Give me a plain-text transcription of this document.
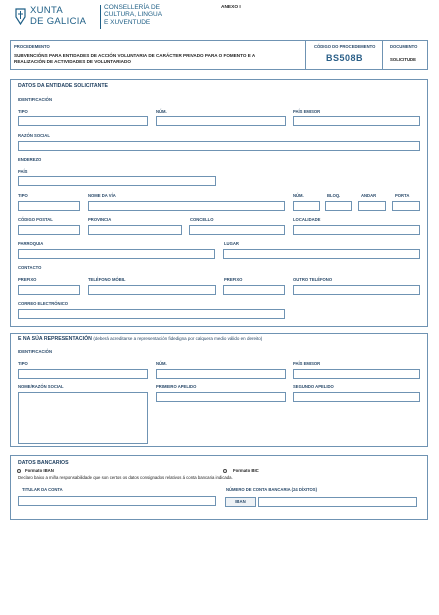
XUNTA
DE GALICIA
CONSELLERÍA DE
CULTURA, LINGUA
E XUVENTUDE
ANEXO I
PROCEDEMENTO
SUBVENCIÓNS PARA ENTIDADES DE ACCIÓN VOLUNTARIA DE CARÁCTER PRIVADO PARA O FOMENTO E A
REALIZACIÓN DE ACTIVIDADES DE VOLUNTARIADO
CÓDIGO DO PROCEDEMENTO
BS508B
DOCUMENTO
SOLICITUDE
DATOS DA ENTIDADE SOLICITANTE
IDENTIFICACIÓN
TIPO	NÚM.	PAÍS EMISOR
RAZÓN SOCIAL
ENDEREZO
PAÍS
TIPO	NOME DA VÍA	NÚM.	BLOQ.	ANDAR	PORTA
CÓDIGO POSTAL	PROVINCIA	CONCELLO	LOCALIDADE
PARROQUIA	LUGAR
CONTACTO
PREFIXO	TELÉFONO MÓBIL	PREFIXO	OUTRO TELÉFONO
CORREO ELECTRÓNICO
E NA SÚA REPRESENTACIÓN (deberá acreditarse a representación fidedigna por calquera medio válido en dereito)
IDENTIFICACIÓN
TIPO	NÚM.	PAÍS EMISOR
NOME/RAZÓN SOCIAL	PRIMEIRO APELIDO	SEGUNDO APELIDO
DATOS BANCARIOS
Formato IBAN	Formato BIC
Declaro baixo a miña responsabilidade que son certos os datos consignados relativos á conta bancaria indicada.
TITULAR DA CONTA	NÚMERO DE CONTA BANCARIA (24 DÍXITOS)
IBAN
